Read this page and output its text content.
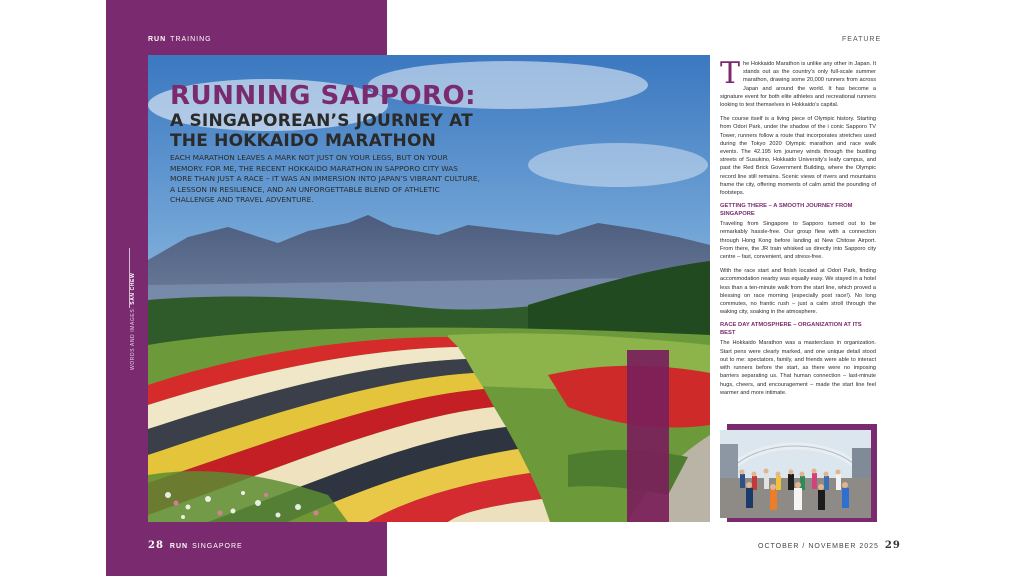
RUN TRAINING
WORDS AND IMAGES: SAN CHEW
RUNNING SAPPORO:
A SINGAPOREAN’S JOURNEY AT
THE HOKKAIDO MARATHON
EACH MARATHON LEAVES A MARK NOT JUST ON YOUR LEGS, BUT ON YOUR MEMORY. FOR ME, THE RECENT HOKKAIDO MARATHON IN SAPPORO CITY WAS MORE THAN JUST A RACE – IT WAS AN IMMERSION INTO JAPAN’S VIBRANT CULTURE, A LESSON IN RESILIENCE, AND AN UNFORGETTABLE BLEND OF ATHLETIC CHALLENGE AND TRAVEL ADVENTURE.
28 RUN SINGAPORE
FEATURE

The Hokkaido Marathon is unlike any other in Japan. It stands out as the country’s only full-scale summer marathon, drawing some 20,000 runners from across Japan and around the world. It has become a signature event for both elite athletes and recreational runners looking to test themselves in Hokkaido’s capital.

The course itself is a living piece of Olympic history. Starting from Odori Park, under the shadow of the i conic Sapporo TV Tower, runners follow a route that incorporates stretches used during the Tokyo 2020 Olympic marathon and race walk events. The 42.195 km journey winds through the bustling streets of Susukino, Hokkaido University’s leafy campus, and past the Red Brick Government Building, where the Olympic record line still remains. Scenic views of rivers and mountains frame the city, offering moments of calm amid the pounding of footsteps.

GETTING THERE – A SMOOTH JOURNEY FROM SINGAPORE

Traveling from Singapore to Sapporo turned out to be remarkably hassle-free. Our group flew with a connection through Hong Kong before landing at New Chitose Airport. From there, the JR train whisked us directly into Sapporo city centre – fast, convenient, and stress-free.

With the race start and finish located at Odori Park, finding accommodation nearby was equally easy. We stayed in a hotel less than a ten-minute walk from the start line, which proved a blessing on race morning (especially post race!). No long commutes, no frantic rush – just a calm stroll through the waking city, soaking in the atmosphere.

RACE DAY ATMOSPHERE – ORGANIZATION AT ITS BEST

The Hokkaido Marathon was a masterclass in organization. Start pens were clearly marked, and one unique detail stood out to me: spectators, family, and friends were able to interact with runners before the start, as there were no imposing barriers separating us. That human connection – last-minute hugs, cheers, and encouragement – made the start line feel warmer and more intimate.

OCTOBER / NOVEMBER 2025 29
